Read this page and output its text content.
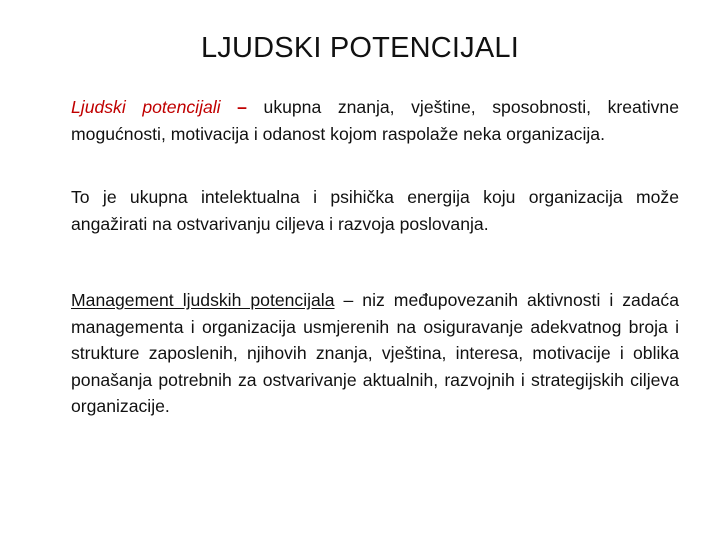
LJUDSKI POTENCIJALI
Ljudski potencijali – ukupna znanja, vještine, sposobnosti, kreativne mogućnosti, motivacija i odanost kojom raspolaže neka organizacija.
To je ukupna intelektualna i psihička energija koju organizacija može angažirati na ostvarivanju ciljeva i razvoja poslovanja.
Management ljudskih potencijala – niz međupovezanih aktivnosti i zadaća managementa i organizacija usmjerenih na osiguravanje adekvatnog broja i strukture zaposlenih, njihovih znanja, vještina, interesa, motivacije i oblika ponašanja potrebnih za ostvarivanje aktualnih, razvojnih i strategijskih ciljeva organizacije.
